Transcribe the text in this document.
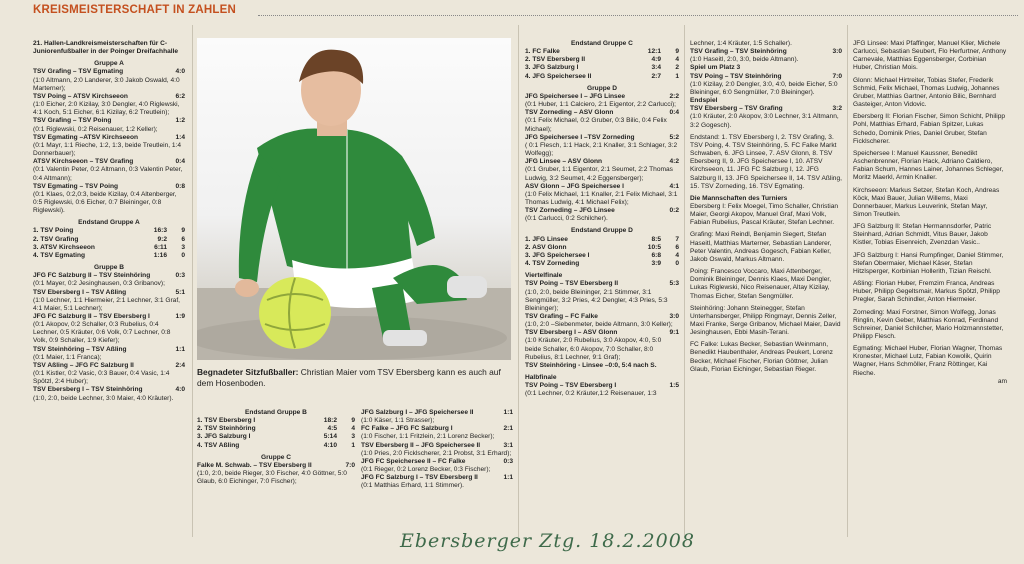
KREISMEISTERSCHAFT IN ZAHLEN

21. Hallen-Landkreismeisterschaften für C-Juniorenfußballer in der Poinger Dreifachhalle

Gruppe A

TSV Grafing – TSV Egmating	4:0

(1:0 Altmann, 2:0 Landerer, 3:0 Jakob Oswald, 4:0 Marterner);

TSV Poing – ATSV Kirchseeon	6:2

(1:0 Eicher, 2:0 Kizilay, 3:0 Dengler, 4:0 Riglewski, 4:1 Koch, 5:1 Eicher, 6:1 Kizilay, 6:2 Treutlein);

TSV Grafing – TSV Poing	1:2

(0:1 Riglewski, 0:2 Reisenauer, 1:2 Keller);

TSV Egmating –ATSV Kirchseeon	1:4

(0:1 Mayr, 1:1 Rieche, 1:2, 1:3, beide Treutlein, 1:4 Donnerbauer);

ATSV Kirchseeon – TSV Grafing	0:4

(0:1 Valentin Peter, 0:2 Altmann, 0:3 Valentin Peter, 0:4 Altmann);

TSV Egmating – TSV Poing	0:8

(0:1 Klaes, 0:2,0:3, beide Kizilay, 0:4 Altenberger, 0:5 Riglewski, 0:6 Eicher, 0:7 Bleininger, 0:8 Riglewski).

Endstand Gruppe A

1. TSV Poing	16:3	9
2. TSV Grafing	9:2	6
3. ATSV Kirchseeon	6:11	3
4. TSV Egmating	1:16	0

Gruppe B

JFG FC Salzburg II – TSV Steinhöring	0:3

(0:1 Mayer, 0:2 Jesinghausen, 0:3 Gribanov);

TSV Ebersberg I – TSV Aßling	5:1

(1:0 Lechner, 1:1 Hiermeier, 2:1 Lechner, 3:1 Graf, 4:1 Maier, 5:1 Lechner);

JFG FC Salzburg II – TSV Ebersberg I	1:9

(0:1 Akopov, 0:2 Schaller, 0:3 Rubelius, 0:4 Lechner, 0:5 Kräuter, 0:6 Volk, 0:7 Lechner, 0:8 Volk, 0:9 Schaller, 1:9 Kiefer);

TSV Steinhöring – TSV Aßling	1:1

(0:1 Maier, 1:1 Franca);

TSV Aßling – JFG FC Salzburg II	2:4

(0:1 Kistler, 0:2 Vasic, 0:3 Bauer, 0:4 Vasic, 1:4 Spötzl, 2:4 Huber);

TSV Ebersberg I – TSV Steinhöring	4:0

(1:0, 2:0, beide Lechner, 3:0 Maier, 4:0 Kräuter).

Begnadeter Sitzfußballer: Christian Maier vom TSV Ebersberg kann es auch auf dem Hosenboden.

Endstand Gruppe B

1. TSV Ebersberg I	18:2	9
2. TSV Steinhöring	4:5	4
3. JFG Salzburg I	5:14	3
4. TSV Aßling	4:10	1

Gruppe C

Falke M. Schwab. – TSV Ebersberg II	7:0

(1:0, 2:0, beide Rieger, 3:0 Fischer, 4:0 Göttner, 5:0 Glaub, 6:0 Eichinger, 7:0 Fischer);

JFG Salzburg I – JFG Speichersee II	1:1

(1:0 Käser, 1:1 Strasser);

FC Falke – JFG FC Salzburg I	2:1

(1:0 Fischer, 1:1 Fritzlein, 2:1 Lorenz Becker);

TSV Ebersberg II – JFG Speichersee II	3:1

(1:0 Pries, 2:0 Ficklscherer, 2:1 Probst, 3:1 Erhard);

JFG FC Speichersee II – FC Falke	0:3

(0:1 Rieger, 0:2 Lorenz Becker, 0:3 Fischer);

JFG FC Salzburg I – TSV Ebersberg II	1:1

(0:1 Matthias Erhard, 1:1 Stimmer).

Endstand Gruppe C

1. FC Falke	12:1	9
2. TSV Ebersberg II	4:9	4
3. JFG Salzburg I	3:4	2
4. JFG Speichersee II	2:7	1

Gruppe D

JFG Speichersee I – JFG Linsee	2:2

(0:1 Huber, 1:1 Calciero, 2:1 Eigentor, 2:2 Carlucci);

TSV Zorneding – ASV Glonn	0:4

(0:1 Felix Michael, 0:2 Gruber, 0:3 Bilic, 0:4 Felix Michael);

JFG Speichersee I –TSV Zorneding	5:2

( 0:1 Flesch, 1:1 Hack, 2:1 Knaller, 3:1 Schlager, 3:2 Wolfegg);

JFG Linsee – ASV Glonn	4:2

(0:1 Gruber, 1:1 Eigentor, 2:1 Seumet, 2:2 Thomas Ludwig, 3:2 Seumet, 4:2 Eggensberger);

ASV Glonn – JFG Speichersee I	4:1

(1:0 Felix Michael, 1:1 Knaller, 2:1 Felix Michael, 3:1 Thomas Ludwig, 4:1 Michael Felix);

TSV Zorneding – JFG Linsee	0:2

(0:1 Carlucci, 0:2 Schilcher).

Endstand Gruppe D

1. JFG Linsee	8:5	7
2. ASV Glonn	10:5	6
3. JFG Speichersee I	6:8	4
4. TSV Zorneding	3:9	0

Viertelfinale

TSV Poing – TSV Ebersberg II	5:3

(1:0, 2:0, beide Bleininger, 2:1 Stimmer, 3:1 Sengmüller, 3:2 Pries, 4:2 Dengler, 4:3 Pries, 5:3 Bleininger);

TSV Grafing – FC Falke	3:0

(1:0, 2:0 –Siebenmeter, beide Altmann, 3:0 Keller);

TSV Ebersberg I – ASV Glonn	9:1

(1:0 Kräuter, 2:0 Rubelius, 3:0 Akopov, 4:0, 5:0 beide Schaller, 6:0 Akopov, 7:0 Schaller, 8:0 Rubelius, 8:1 Lechner, 9:1 Graf);

TSV Steinhöring - Linsee –0:0, 5:4 nach S.

Halbfinale

TSV Poing – TSV Ebersberg I	1:5

(0:1 Lechner, 0:2 Kräuter,1:2 Reisenauer, 1:3

Lechner, 1:4 Kräuter, 1:5 Schaller).

TSV Grafing – TSV Steinhöring	3:0

(1:0 Haseitl, 2:0, 3:0, beide Altmann).

Spiel um Platz 3

TSV Poing – TSV Steinhöring	7:0

(1:0 Kizilay, 2:0 Dengler, 3:0, 4:0, beide Eicher, 5:0 Bleininger, 6:0 Sengmüller, 7:0 Bleininger).

Endspiel

TSV Ebersberg – TSV Grafing	3:2

(1:0 Kräuter, 2:0 Akopov, 3:0 Lechner, 3:1 Altmann, 3:2 Gogesch).

Endstand: 1. TSV Ebersberg I, 2. TSV Grafing, 3. TSV Poing, 4. TSV Steinhöring, 5. FC Falke Markt Schwaben, 6. JFG Linsee, 7. ASV Glonn, 8. TSV Ebersberg II, 9. JFG Speichersee I, 10. ATSV Kirchseeon, 11. JFG FC Salzburg I, 12. JFG Salzburg II, 13. JFG Speichersee II, 14. TSV Aßling, 15. TSV Zorneding, 16. TSV Egmating.

Die Mannschaften des Turniers

Ebersberg I: Felix Moegel, Timo Schaller, Christian Maier, Georgi Akopov, Manuel Graf, Maxi Volk, Fabian Rubelius, Pascal Kräuter, Stefan Lechner.

Grafing: Maxi Reindl, Benjamin Siegert, Stefan Haseitl, Matthias Marterner, Sebastian Landerer, Peter Valentin, Andreas Gogesch, Fabian Keller, Jakob Oswald, Markus Altmann.

Poing: Francesco Voccaro, Maxi Attenberger, Dominik Bleininger, Dennis Klaes, Maxi Dengler, Lukas Riglewski, Nico Reisenauer, Altay Kizilay, Thomas Eicher, Stefan Sengmüller.

Steinhöring: Johann Steinegger, Stefan Unterhansberger, Philipp Ringmayr, Dennis Zeller, Maxi Franke, Serge Gribanov, Michael Maier, David Jesinghausen, Ebbi Masih-Terani.

FC Falke: Lukas Becker, Sebastian Weinmann, Benedikt Haubenthaler, Andreas Peukert, Lorenz Becker, Michael Fischer, Florian Göttner, Julian Glaub, Florian Eichinger, Sebastian Rieger.

JFG Linsee: Maxi Pfaffinger, Manuel Klier, Michele Carlucci, Sebastian Seubert, Flo Herfurtner, Anthony Carnevale, Matthias Eggensberger, Corbinian Huber, Christian Mois.

Glonn: Michael Hirtreiter, Tobias Stefer, Frederik Schmid, Felix Michael, Thomas Ludwig, Johannes Gruber, Matthias Gartner, Antonio Bilic, Bernhard Gasteiger, Anton Vidovic.

Ebersberg II: Florian Fischer, Simon Schicht, Philipp Pohl, Matthias Erhard, Fabian Spitzer, Lukas Schedo, Dominik Pries, Daniel Gruber, Stefan Ficklscherer.

Speichersee I: Manuel Kaussner, Benedikt Aschenbrenner, Florian Hack, Adriano Caldiero, Fabian Schum, Hannes Lainer, Johannes Schleger, Moritz Maerkl, Armin Knaller.

Kirchseeon: Markus Setzer, Stefan Koch, Andreas Köck, Maxi Bauer, Julian Willems, Maxi Donnerbauer, Markus Leuverink, Stefan Mayr, Simon Treutlein.

JFG Salzburg II: Stefan Hermannsdorfer, Patric Steinhard, Adrian Schmidt, Vitus Bauer, Jakob Kistler, Tobias Eisenreich, Zvenzdan Vasic..

JFG Salzburg I: Hansi Rumpfinger, Daniel Stimmer, Stefan Obermaier, Michael Käser, Stefan Hitzlsperger, Korbinian Hollerith, Tizian Reischl.

Aßling: Florian Huber, Fremzim Franca, Andreas Huber, Philipp Gegeltsmair, Markus Spötzl, Philipp Pregler, Sarah Schindler, Anton Hiermeier.

Zorneding: Maxi Forstner, Simon Wolfegg, Jonas Ringlin, Kevin Geber, Matthias Konrad, Ferdinand Schreiner, Daniel Schilcher, Mario Holzmannstetter, Philipp Flesch.

Egmating: Michael Huber, Florian Wagner, Thomas Kronester, Michael Lutz, Fabian Kowolik, Quirin Wagner, Hans Schmöller, Franz Röttinger, Kai Rieche.

am

Ebersberger Ztg. 18.2.2008
